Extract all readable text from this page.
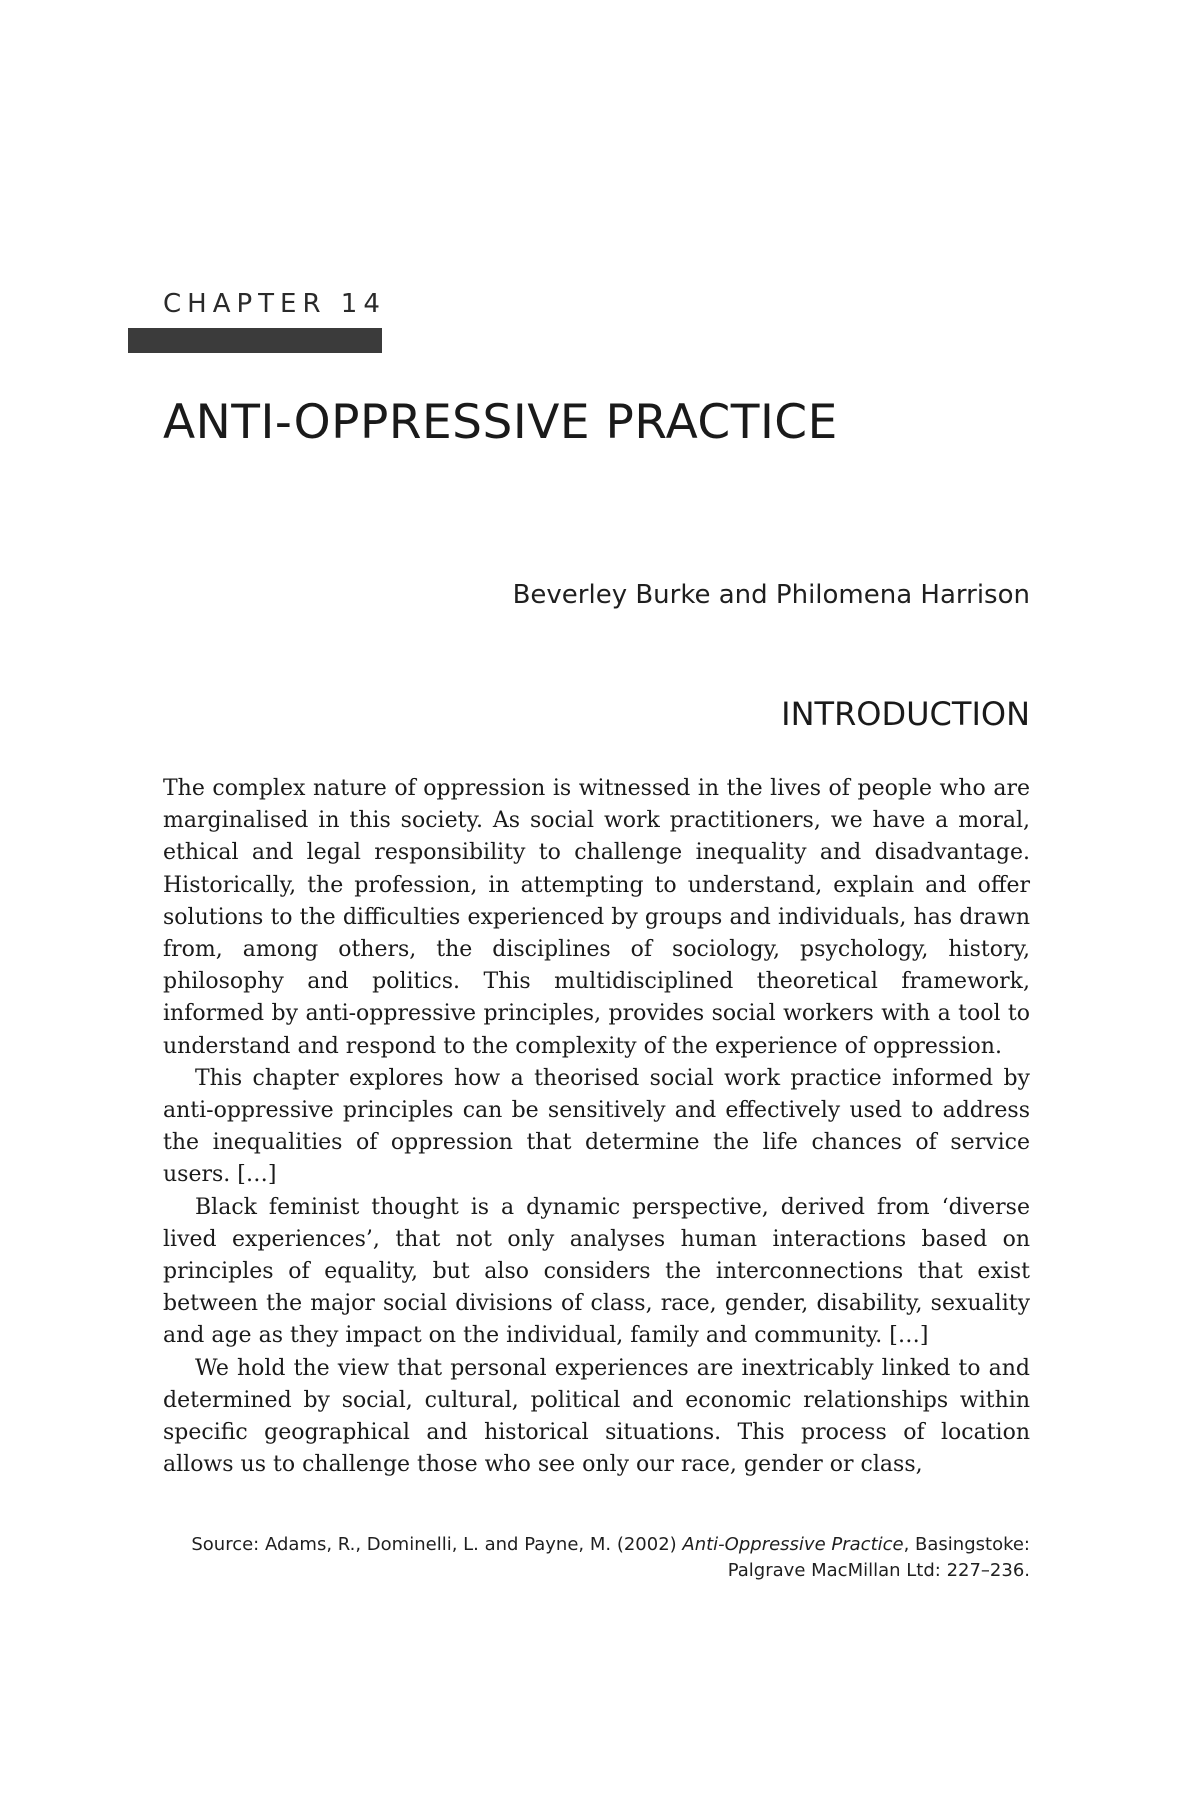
CHAPTER 14
ANTI-OPPRESSIVE PRACTICE
Beverley Burke and Philomena Harrison
INTRODUCTION

The complex nature of oppression is witnessed in the lives of people who are marginalised in this society. As social work practitioners, we have a moral, ethical and legal responsibility to challenge inequality and disadvantage. Historically, the profession, in attempting to understand, explain and offer solutions to the difficulties experienced by groups and individuals, has drawn from, among others, the disciplines of sociology, psychology, history, philosophy and politics. This multidisciplined theoretical framework, informed by anti-oppressive principles, provides social workers with a tool to understand and respond to the complexity of the experience of oppression.

This chapter explores how a theorised social work practice informed by anti-oppressive principles can be sensitively and effectively used to address the inequalities of oppression that determine the life chances of service users. […]

Black feminist thought is a dynamic perspective, derived from ‘diverse lived experiences’, that not only analyses human interactions based on principles of equality, but also considers the interconnections that exist between the major social divisions of class, race, gender, disability, sexuality and age as they impact on the individual, family and community. […]

We hold the view that personal experiences are inextricably linked to and determined by social, cultural, political and economic relationships within specific geographical and historical situations. This process of location allows us to challenge those who see only our race, gender or class,

Source: Adams, R., Dominelli, L. and Payne, M. (2002) Anti-Oppressive Practice, Basingstoke: Palgrave MacMillan Ltd: 227–236.
